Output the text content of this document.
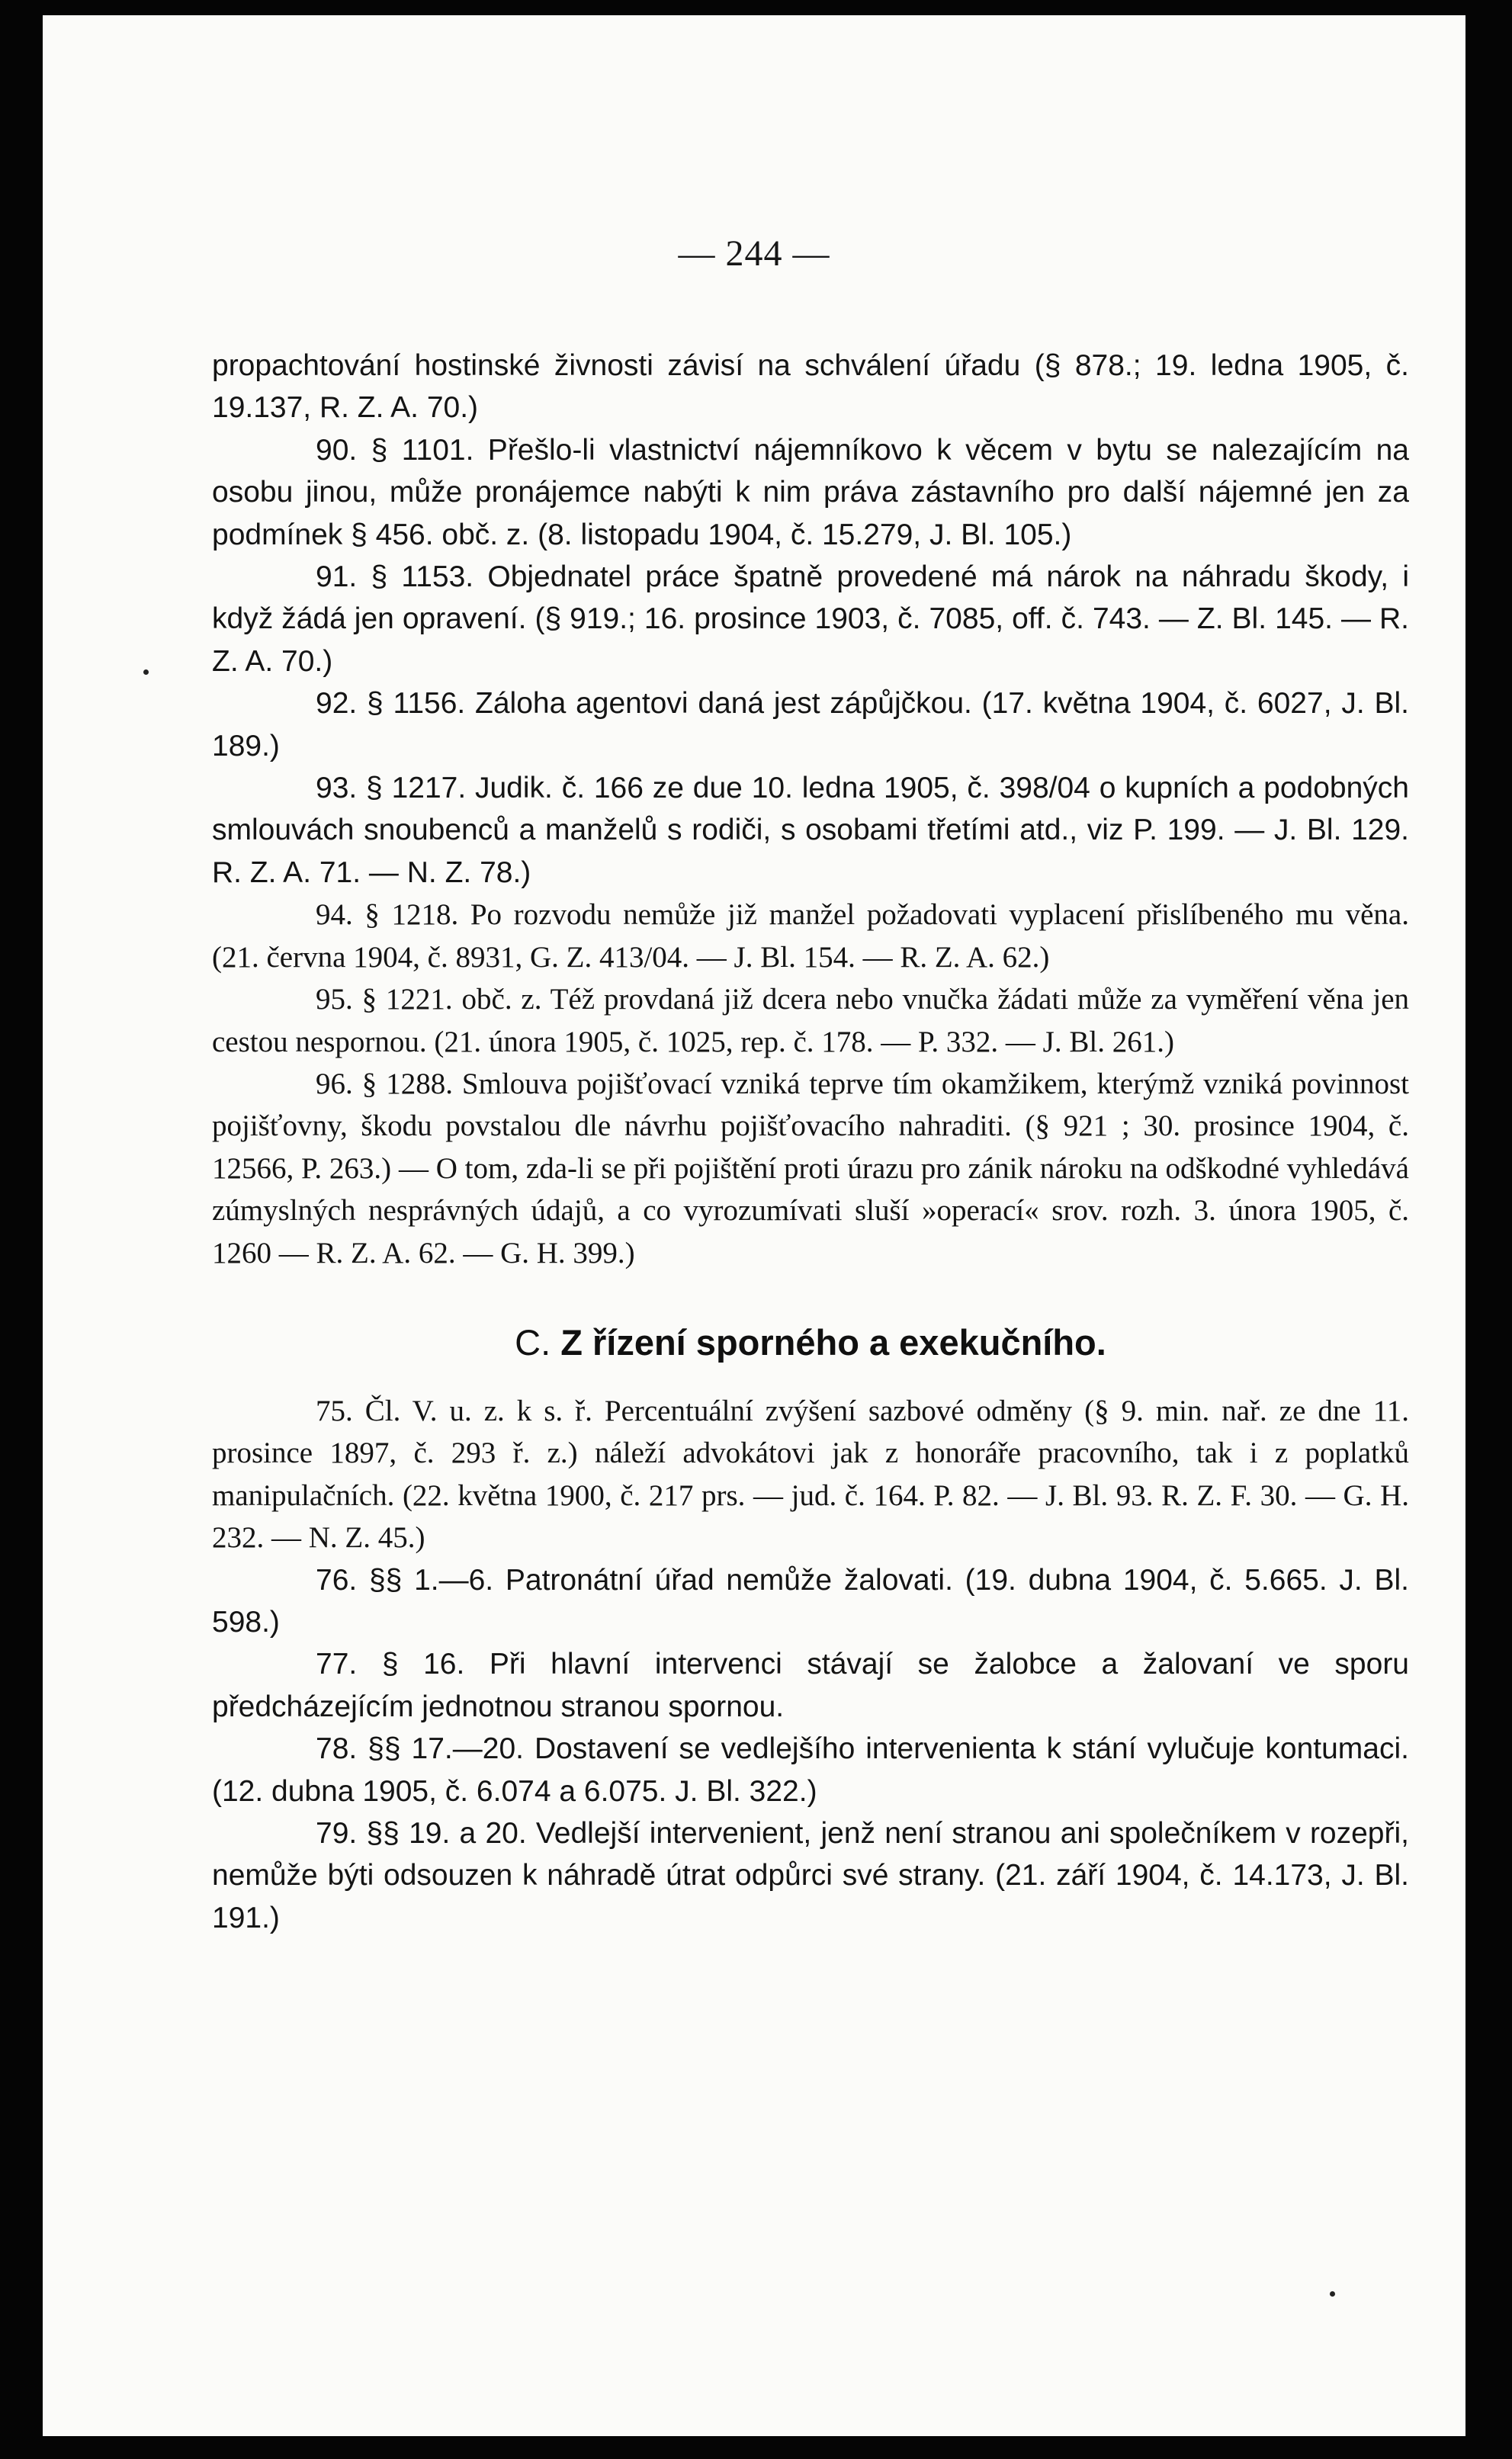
— 244 —

propachtování hostinské živnosti závisí na schválení úřadu (§ 878.; 19. ledna 1905, č. 19.137, R. Z. A. 70.)

90. § 1101. Přešlo-li vlastnictví nájemníkovo k věcem v bytu se nalezajícím na osobu jinou, může pronájemce nabýti k nim práva zástavního pro další nájemné jen za podmínek § 456. obč. z. (8. listopadu 1904, č. 15.279, J. Bl. 105.)

91. § 1153. Objednatel práce špatně provedené má nárok na náhradu škody, i když žádá jen opravení. (§ 919.; 16. prosince 1903, č. 7085, off. č. 743. — Z. Bl. 145. — R. Z. A. 70.)

92. § 1156. Záloha agentovi daná jest zápůjčkou. (17. května 1904, č. 6027, J. Bl. 189.)

93. § 1217. Judik. č. 166 ze due 10. ledna 1905, č. 398/04 o kupních a podobných smlouvách snoubenců a manželů s rodiči, s osobami třetími atd., viz P. 199. — J. Bl. 129. R. Z. A. 71. — N. Z. 78.)

94. § 1218. Po rozvodu nemůže již manžel požadovati vyplacení přislíbeného mu věna. (21. června 1904, č. 8931, G. Z. 413/04. — J. Bl. 154. — R. Z. A. 62.)

95. § 1221. obč. z. Též provdaná již dcera nebo vnučka žádati může za vyměření věna jen cestou nespornou. (21. února 1905, č. 1025, rep. č. 178. — P. 332. — J. Bl. 261.)

96. § 1288. Smlouva pojišťovací vzniká teprve tím okamžikem, kterýmž vzniká povinnost pojišťovny, škodu povstalou dle návrhu pojišťovacího nahraditi. (§ 921 ; 30. prosince 1904, č. 12566, P. 263.) — O tom, zda-li se při pojištění proti úrazu pro zánik nároku na odškodné vyhledává zúmyslných nesprávných údajů, a co vyrozumívati sluší »operací« srov. rozh. 3. února 1905, č. 1260 — R. Z. A. 62. — G. H. 399.)

C. Z řízení sporného a exekučního.

75. Čl. V. u. z. k s. ř. Percentuální zvýšení sazbové odměny (§ 9. min. nař. ze dne 11. prosince 1897, č. 293 ř. z.) náleží advokátovi jak z honoráře pracovního, tak i z poplatků manipulačních. (22. května 1900, č. 217 prs. — jud. č. 164. P. 82. — J. Bl. 93. R. Z. F. 30. — G. H. 232. — N. Z. 45.)

76. §§ 1.—6. Patronátní úřad nemůže žalovati. (19. dubna 1904, č. 5.665. J. Bl. 598.)

77. § 16. Při hlavní intervenci stávají se žalobce a žalovaní ve sporu předcházejícím jednotnou stranou spornou.

78. §§ 17.—20. Dostavení se vedlejšího intervenienta k stání vylučuje kontumaci. (12. dubna 1905, č. 6.074 a 6.075. J. Bl. 322.)

79. §§ 19. a 20. Vedlejší intervenient, jenž není stranou ani společníkem v rozepři, nemůže býti odsouzen k náhradě útrat odpůrci své strany. (21. září 1904, č. 14.173, J. Bl. 191.)
